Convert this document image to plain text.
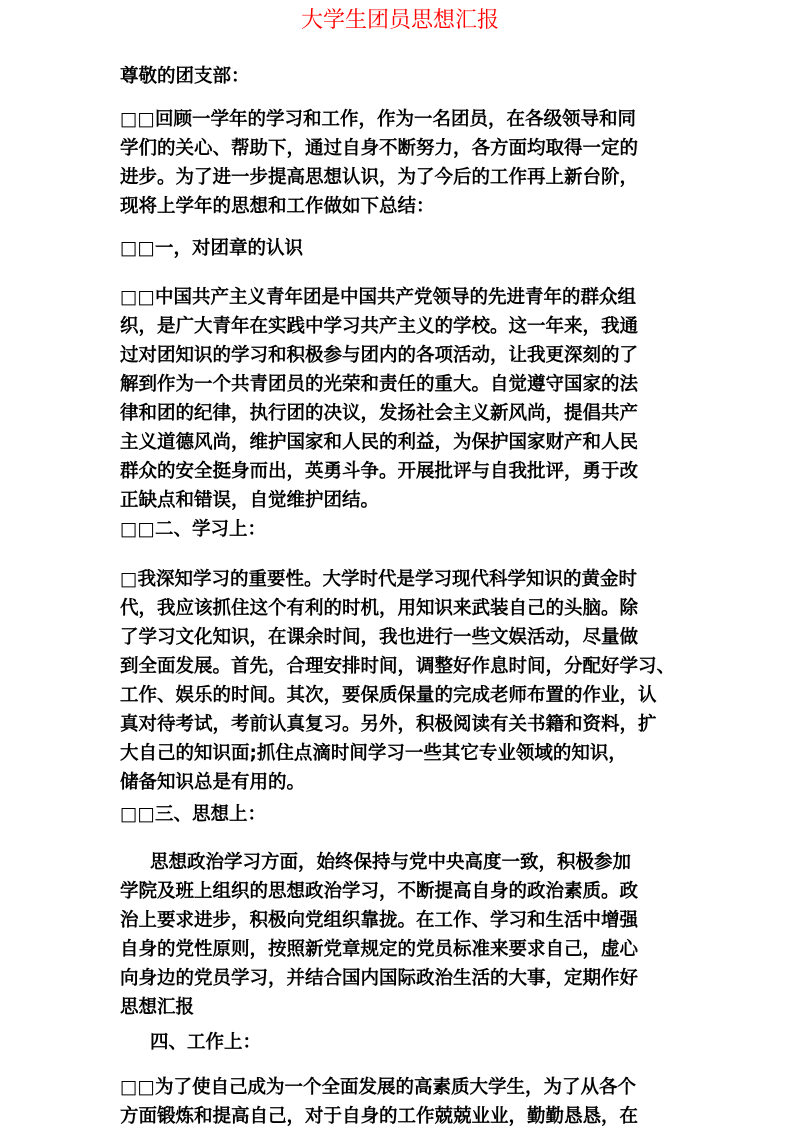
大学生团员思想汇报
尊敬的团支部：
□□回顾一学年的学习和工作，作为一名团员，在各级领导和同
学们的关心、帮助下，通过自身不断努力，各方面均取得一定的
进步。为了进一步提高思想认识，为了今后的工作再上新台阶，
现将上学年的思想和工作做如下总结：
□□一，对团章的认识
□□中国共产主义青年团是中国共产党领导的先进青年的群众组
织，是广大青年在实践中学习共产主义的学校。这一年来，我通
过对团知识的学习和积极参与团内的各项活动，让我更深刻的了
解到作为一个共青团员的光荣和责任的重大。自觉遵守国家的法
律和团的纪律，执行团的决议，发扬社会主义新风尚，提倡共产
主义道德风尚，维护国家和人民的利益，为保护国家财产和人民
群众的安全挺身而出，英勇斗争。开展批评与自我批评，勇于改
正缺点和错误，自觉维护团结。
□□二、学习上：
□我深知学习的重要性。大学时代是学习现代科学知识的黄金时
代，我应该抓住这个有利的时机，用知识来武装自己的头脑。除
了学习文化知识，在课余时间，我也进行一些文娱活动，尽量做
到全面发展。首先，合理安排时间，调整好作息时间，分配好学习、
工作、娱乐的时间。其次，要保质保量的完成老师布置的作业，认
真对待考试，考前认真复习。另外，积极阅读有关书籍和资料，扩
大自己的知识面;抓住点滴时间学习一些其它专业领域的知识，
储备知识总是有用的。
□□三、思想上：
思想政治学习方面，始终保持与党中央高度一致，积极参加
学院及班上组织的思想政治学习，不断提高自身的政治素质。政
治上要求进步，积极向党组织靠拢。在工作、学习和生活中增强
自身的党性原则，按照新党章规定的党员标准来要求自己，虚心
向身边的党员学习，并结合国内国际政治生活的大事，定期作好
思想汇报
四、工作上：
□□为了使自己成为一个全面发展的高素质大学生，为了从各个
方面锻炼和提高自己，对于自身的工作兢兢业业，勤勤恳恳，在
